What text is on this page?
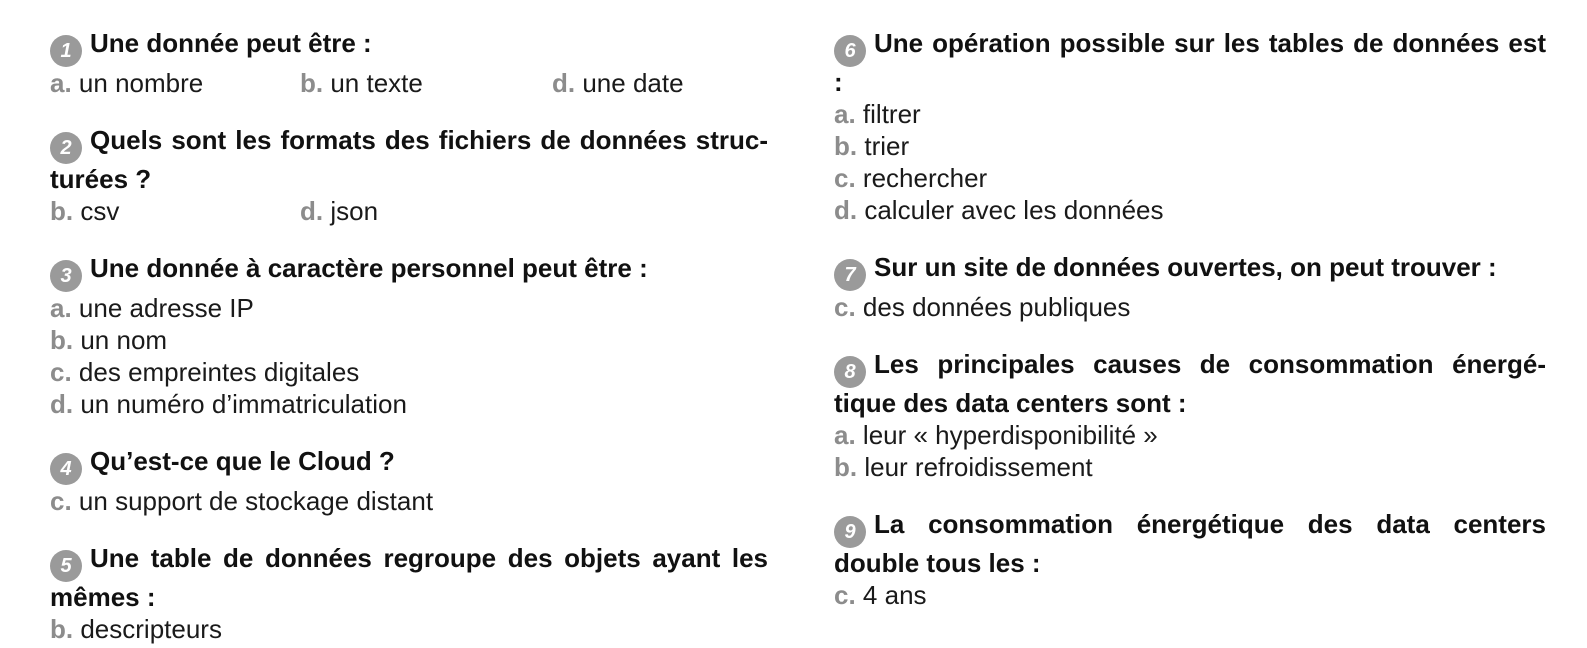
1 Une donnée peut être :
a. un nombre	b. un texte	d. une date
2 Quels sont les formats des fichiers de données struc-turées ?
b. csv	d. json
3 Une donnée à caractère personnel peut être :
a. une adresse IP
b. un nom
c. des empreintes digitales
d. un numéro d’immatriculation
4 Qu’est-ce que le Cloud ?
c. un support de stockage distant
5 Une table de données regroupe des objets ayant les mêmes :
b. descripteurs
6 Une opération possible sur les tables de données est :
a. filtrer
b. trier
c. rechercher
d. calculer avec les données
7 Sur un site de données ouvertes, on peut trouver :
c. des données publiques
8 Les principales causes de consommation énergé-tique des data centers sont :
a. leur « hyperdisponibilité »
b. leur refroidissement
9 La consommation énergétique des data centers double tous les :
c. 4 ans
